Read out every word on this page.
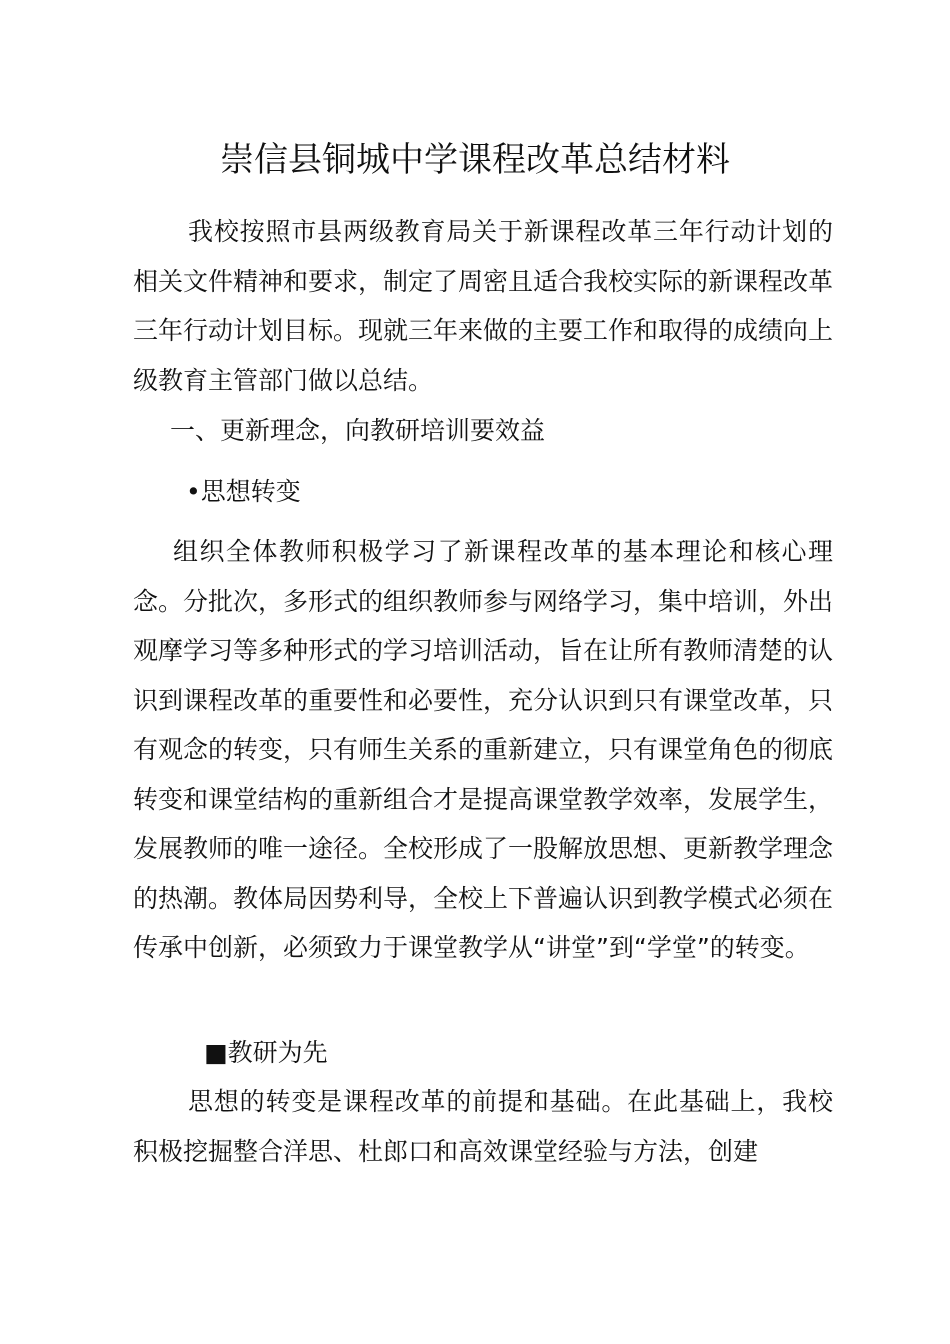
崇信县铜城中学课程改革总结材料

我校按照市县两级教育局关于新课程改革三年行动计划的相关文件精神和要求，制定了周密且适合我校实际的新课程改革三年行动计划目标。现就三年来做的主要工作和取得的成绩向上级教育主管部门做以总结。

一、更新理念，向教研培训要效益

•思想转变

组织全体教师积极学习了新课程改革的基本理论和核心理念。分批次，多形式的组织教师参与网络学习，集中培训，外出观摩学习等多种形式的学习培训活动，旨在让所有教师清楚的认识到课程改革的重要性和必要性，充分认识到只有课堂改革，只有观念的转变，只有师生关系的重新建立，只有课堂角色的彻底转变和课堂结构的重新组合才是提高课堂教学效率，发展学生，发展教师的唯一途径。全校形成了一股解放思想、更新教学理念的热潮。教体局因势利导，全校上下普遍认识到教学模式必须在传承中创新，必须致力于课堂教学从“讲堂”到“学堂”的转变。

■教研为先

思想的转变是课程改革的前提和基础。在此基础上，我校积极挖掘整合洋思、杜郎口和高效课堂经验与方法，创建
